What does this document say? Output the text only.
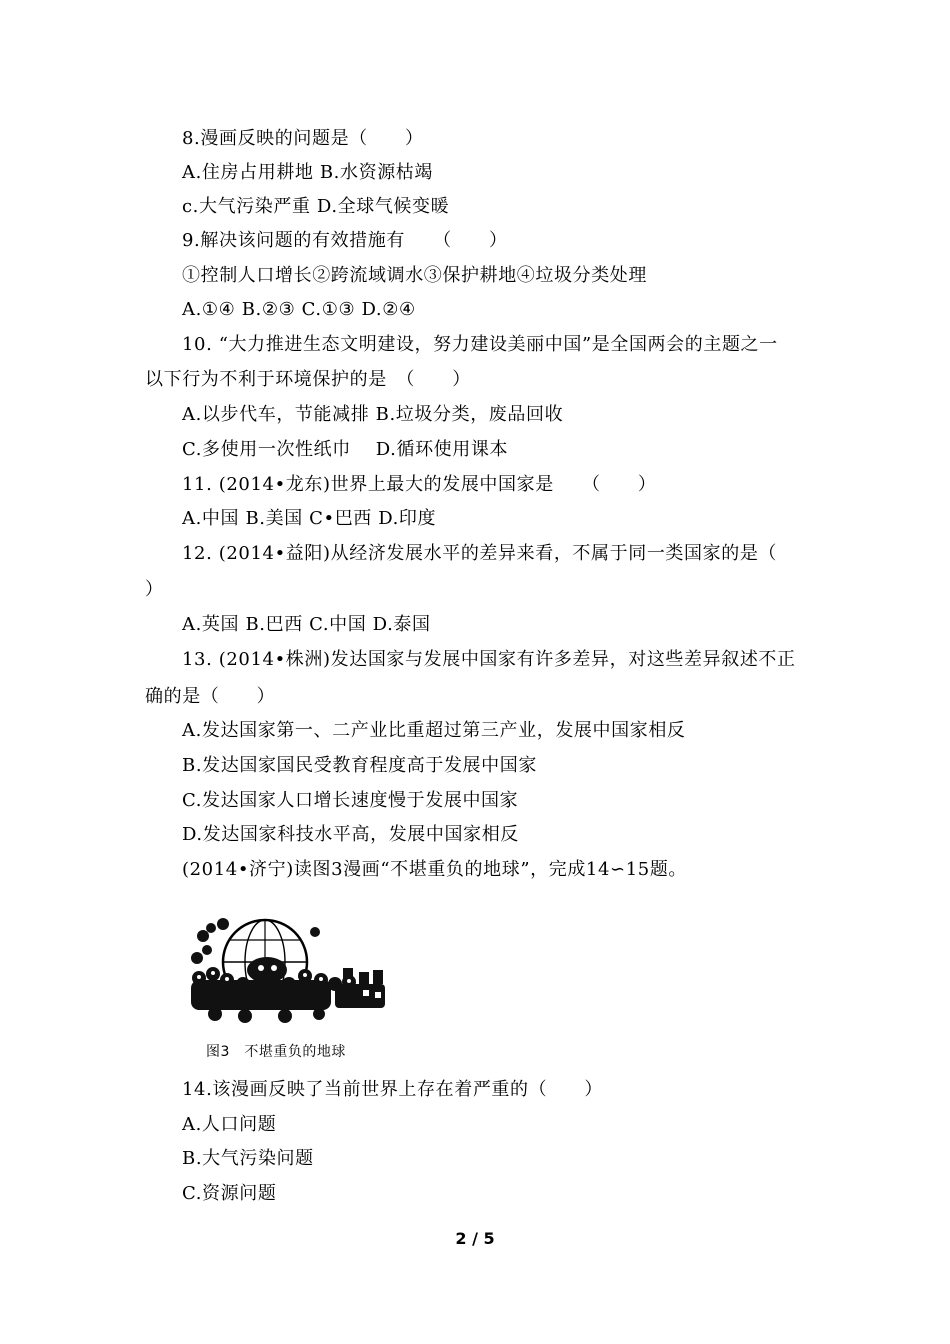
8.漫画反映的问题是（　　）
A.住房占用耕地 B.水资源枯竭
c.大气污染严重 D.全球气候变暖
9.解决该问题的有效措施有　　（　　）
①控制人口增长②跨流域调水③保护耕地④垃圾分类处理
A.①④ B.②③ C.①③ D.②④
10. “大力推进生态文明建设，努力建设美丽中国”是全国两会的主题之一
以下行为不利于环境保护的是　（　　）
A.以步代车，节能减排 B.垃圾分类，废品回收
C.多使用一次性纸巾　 D.循环使用课本
11. (2014•龙东)世界上最大的发展中国家是　　（　　）
A.中国 B.美国 C•巴西 D.印度
12. (2014•益阳)从经济发展水平的差异来看，不属于同一类国家的是（
）
A.英国 B.巴西 C.中国 D.泰国
13. (2014•株洲)发达国家与发展中国家有许多差异，对这些差异叙述不正
确的是（　　）
A.发达国家第一、二产业比重超过第三产业，发展中国家相反
B.发达国家国民受教育程度高于发展中国家
C.发达国家人口增长速度慢于发展中国家
D.发达国家科技水平高，发展中国家相反
(2014•济宁)读图3漫画“不堪重负的地球”，完成14∽15题。
图3　不堪重负的地球
14.该漫画反映了当前世界上存在着严重的（　　）
A.人口问题
B.大气污染问题
C.资源问题
2 / 5
